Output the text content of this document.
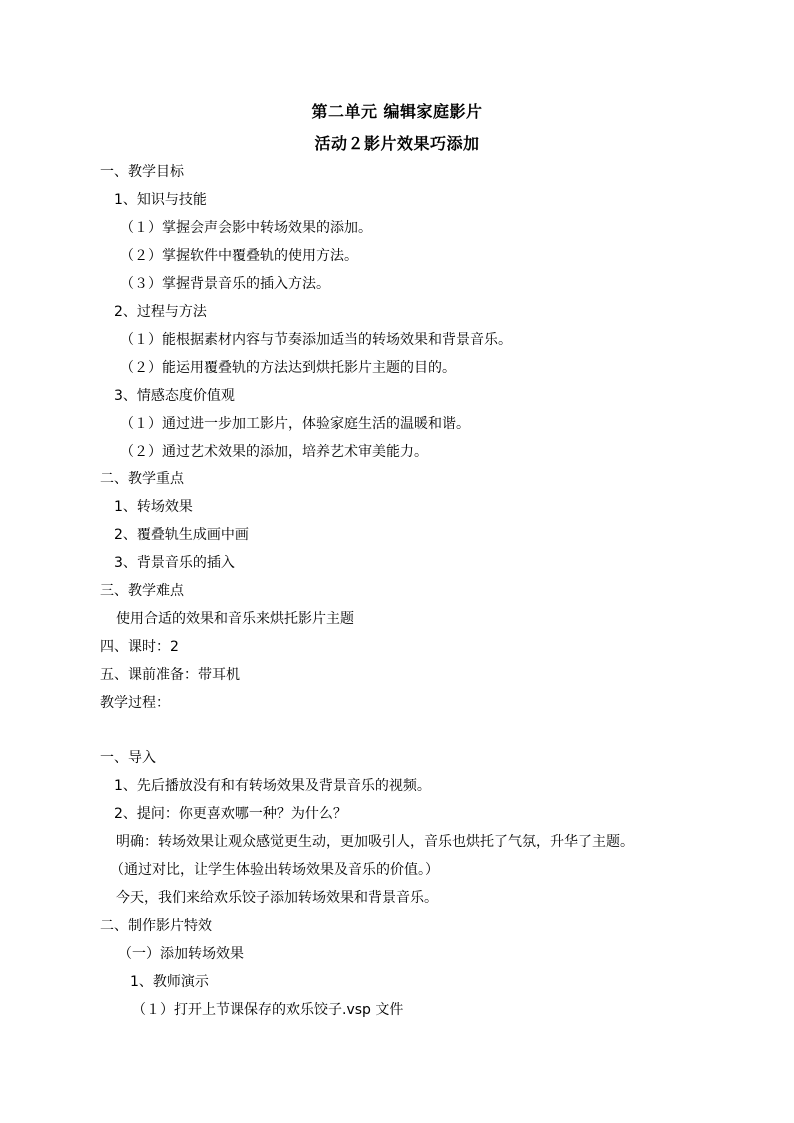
第二单元 编辑家庭影片
活动２影片效果巧添加
一、教学目标
1、知识与技能
（１）掌握会声会影中转场效果的添加。
（２）掌握软件中覆叠轨的使用方法。
（３）掌握背景音乐的插入方法。
2、过程与方法
（１）能根据素材内容与节奏添加适当的转场效果和背景音乐。
（２）能运用覆叠轨的方法达到烘托影片主题的目的。
3、情感态度价值观
（１）通过进一步加工影片，体验家庭生活的温暖和谐。
（２）通过艺术效果的添加，培养艺术审美能力。
二、教学重点
1、转场效果
2、覆叠轨生成画中画
3、背景音乐的插入
三、教学难点
使用合适的效果和音乐来烘托影片主题
四、课时：2
五、课前准备：带耳机
教学过程：
一、导入
1、先后播放没有和有转场效果及背景音乐的视频。
2、提问：你更喜欢哪一种？为什么？
明确：转场效果让观众感觉更生动，更加吸引人，音乐也烘托了气氛，升华了主题。
（通过对比，让学生体验出转场效果及音乐的价值。）
今天，我们来给欢乐饺子添加转场效果和背景音乐。
二、制作影片特效
（一）添加转场效果
1、教师演示
（１）打开上节课保存的欢乐饺子.vsp 文件
